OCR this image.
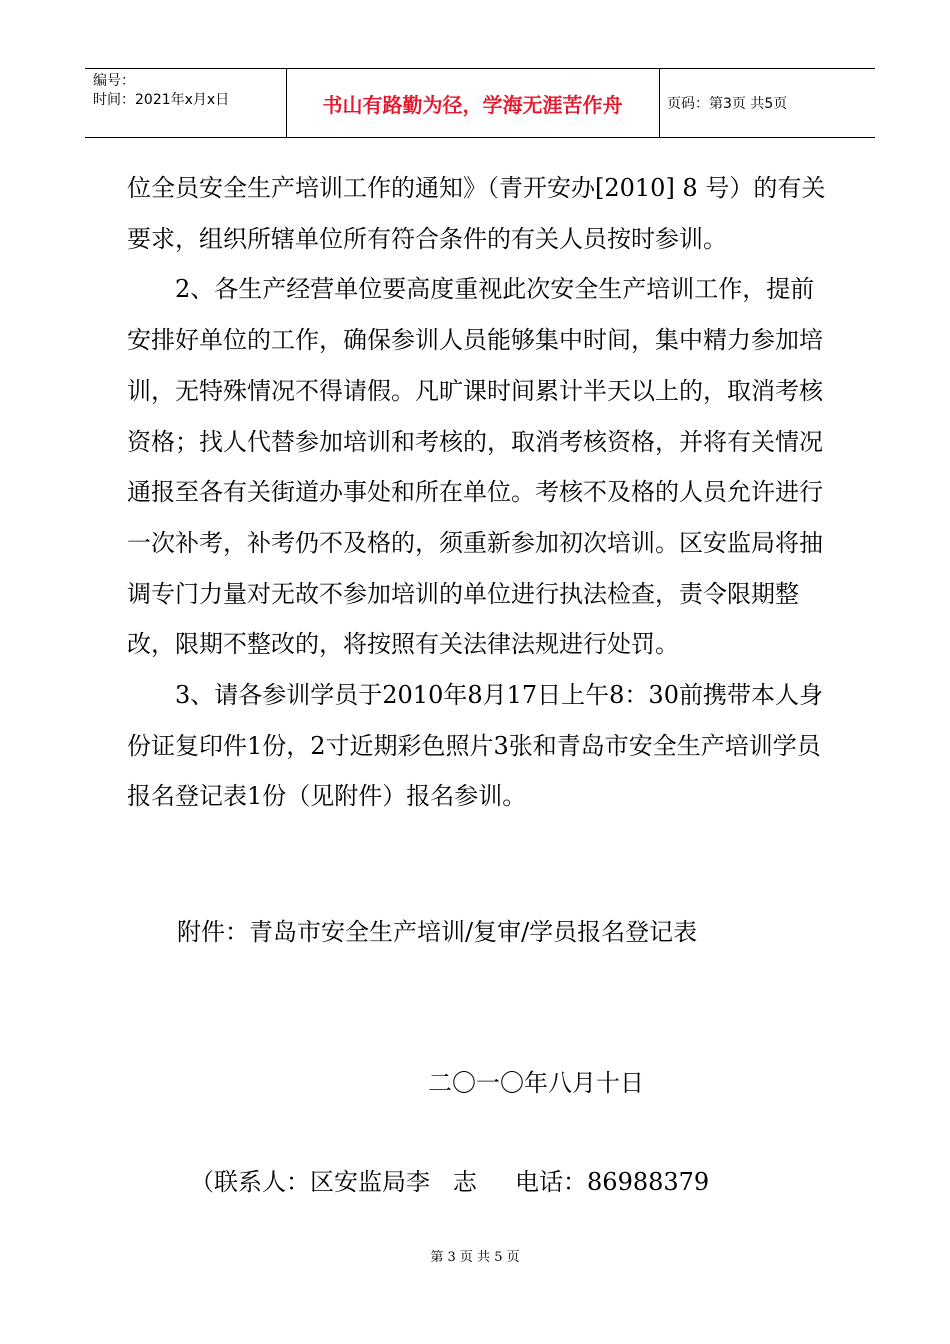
编号：
时间：2021年x月x日	书山有路勤为径，学海无涯苦作舟	页码：第3页 共5页

位全员安全生产培训工作的通知》（青开安办[2010] 8 号）的有关要求，组织所辖单位所有符合条件的有关人员按时参训。

2、各生产经营单位要高度重视此次安全生产培训工作，提前安排好单位的工作，确保参训人员能够集中时间，集中精力参加培训，无特殊情况不得请假。凡旷课时间累计半天以上的，取消考核资格；找人代替参加培训和考核的，取消考核资格，并将有关情况通报至各有关街道办事处和所在单位。考核不及格的人员允许进行一次补考，补考仍不及格的，须重新参加初次培训。区安监局将抽调专门力量对无故不参加培训的单位进行执法检查，责令限期整改，限期不整改的，将按照有关法律法规进行处罚。

3、请各参训学员于2010年8月17日上午8：30前携带本人身份证复印件1份，2寸近期彩色照片3张和青岛市安全生产培训学员报名登记表1份（见附件）报名参训。

附件：青岛市安全生产培训/复审/学员报名登记表
二〇一〇年八月十日
（联系人：区安监局李   志     电话：86988379
第 3 页 共 5 页
